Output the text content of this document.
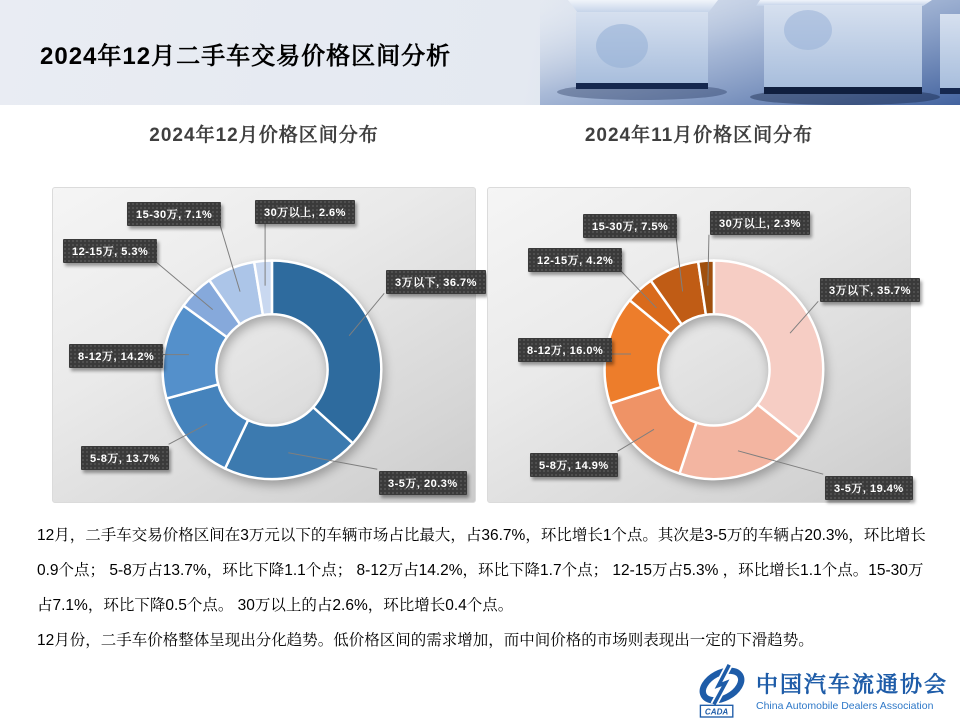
2024年12月二手车交易价格区间分析
2024年12月价格区间分布	2024年11月价格区间分布
3万以下, 36.7%
3-5万, 20.3%
5-8万, 13.7%
8-12万, 14.2%
12-15万, 5.3%
15-30万, 7.1%	30万以上, 2.6%
3万以下, 35.7%
3-5万, 19.4%
5-8万, 14.9%
8-12万, 16.0%
12-15万, 4.2%
15-30万, 7.5%	30万以上, 2.3%

12月，二手车交易价格区间在3万元以下的车辆市场占比最大，占36.7%，环比增长1个点。其次是3-5万的车辆占20.3%，环比增长0.9个点； 5-8万占13.7%，环比下降1.1个点； 8-12万占14.2%，环比下降1.7个点； 12-15万占5.3% ，环比增长1.1个点。15-30万占7.1%，环比下降0.5个点。 30万以上的占2.6%，环比增长0.4个点。

12月份，二手车价格整体呈现出分化趋势。低价格区间的需求增加，而中间价格的市场则表现出一定的下滑趋势。

CADA
中国汽车流通协会
China Automobile Dealers Association
